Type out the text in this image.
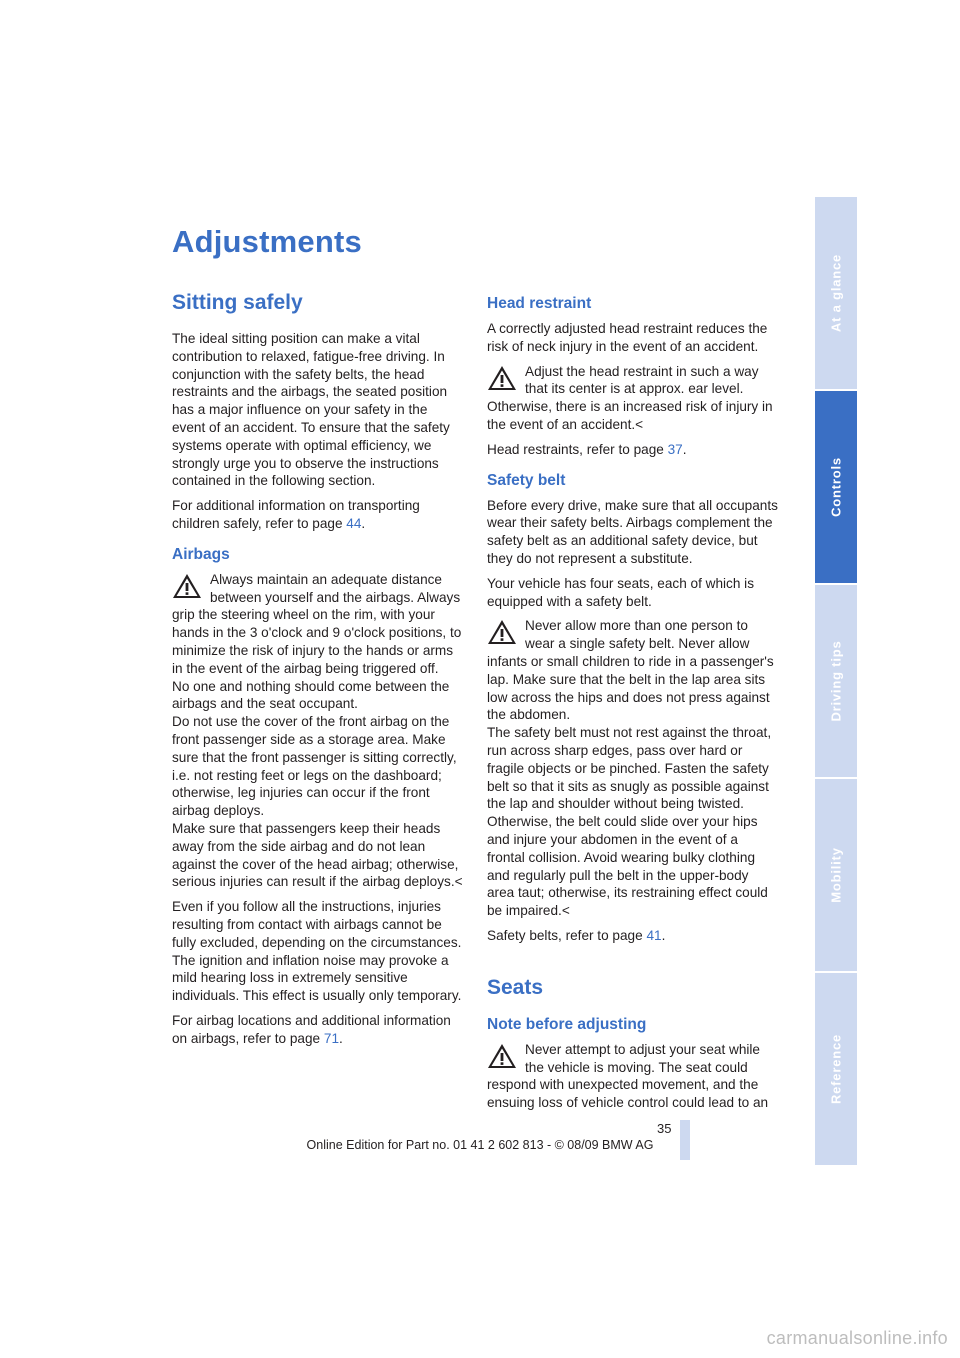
Adjustments
Sitting safely

The ideal sitting position can make a vital contribution to relaxed, fatigue-free driving. In conjunction with the safety belts, the head restraints and the airbags, the seated position has a major influence on your safety in the event of an accident. To ensure that the safety systems operate with optimal efficiency, we strongly urge you to observe the instructions contained in the following section.

For additional information on transporting children safely, refer to page 44.

Airbags
Always maintain an adequate distance between yourself and the airbags. Always grip the steering wheel on the rim, with your hands in the 3 o'clock and 9 o'clock positions, to minimize the risk of injury to the hands or arms in the event of the airbag being triggered off.
No one and nothing should come between the airbags and the seat occupant.
Do not use the cover of the front airbag on the front passenger side as a storage area. Make sure that the front passenger is sitting correctly, i.e. not resting feet or legs on the dashboard; otherwise, leg injuries can occur if the front airbag deploys.
Make sure that passengers keep their heads away from the side airbag and do not lean against the cover of the head airbag; otherwise, serious injuries can result if the airbag deploys.<

Even if you follow all the instructions, injuries resulting from contact with airbags cannot be fully excluded, depending on the circumstances. The ignition and inflation noise may provoke a mild hearing loss in extremely sensitive individuals. This effect is usually only temporary.

For airbag locations and additional information on airbags, refer to page 71.

Head restraint

A correctly adjusted head restraint reduces the risk of neck injury in the event of an accident.

Adjust the head restraint in such a way that its center is at approx. ear level. Otherwise, there is an increased risk of injury in the event of an accident.<

Head restraints, refer to page 37.

Safety belt

Before every drive, make sure that all occupants wear their safety belts. Airbags complement the safety belt as an additional safety device, but they do not represent a substitute.

Your vehicle has four seats, each of which is equipped with a safety belt.

Never allow more than one person to wear a single safety belt. Never allow infants or small children to ride in a passenger's lap. Make sure that the belt in the lap area sits low across the hips and does not press against the abdomen.
The safety belt must not rest against the throat, run across sharp edges, pass over hard or fragile objects or be pinched. Fasten the safety belt so that it sits as snugly as possible against the lap and shoulder without being twisted. Otherwise, the belt could slide over your hips and injure your abdomen in the event of a frontal collision. Avoid wearing bulky clothing and regularly pull the belt in the upper-body area taut; otherwise, its restraining effect could be impaired.<

Safety belts, refer to page 41.

Seats
Note before adjusting
Never attempt to adjust your seat while the vehicle is moving. The seat could respond with unexpected movement, and the ensuing loss of vehicle control could lead to an
At a glance
Controls
Driving tips
Mobility
Reference
35
Online Edition for Part no. 01 41 2 602 813 - © 08/09 BMW AG
carmanualsonline.info
